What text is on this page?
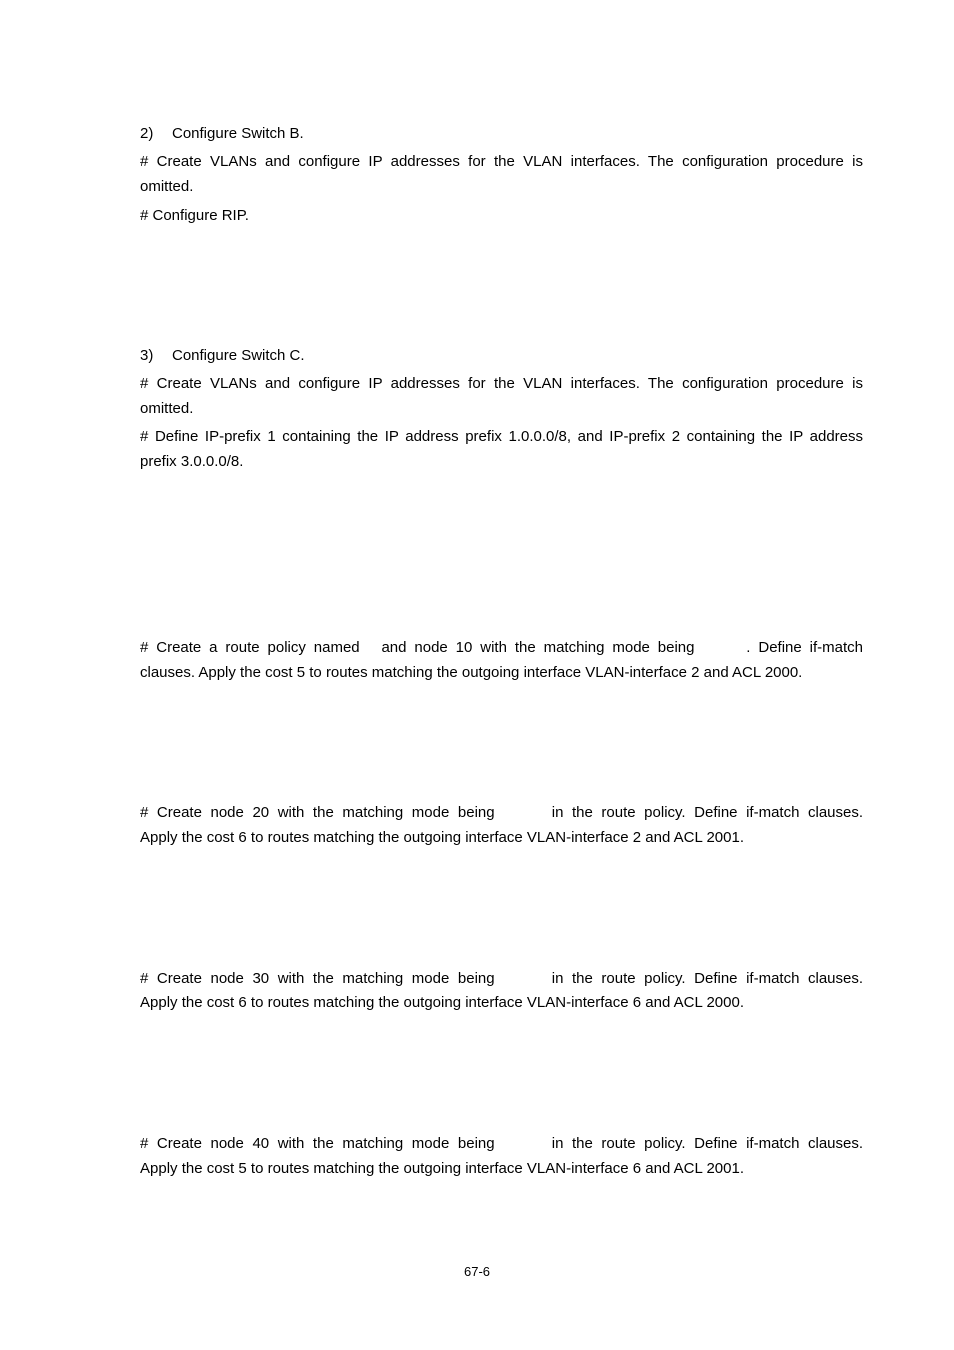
2) Configure Switch B.
# Create VLANs and configure IP addresses for the VLAN interfaces. The configuration procedure is
omitted.
# Configure RIP.
3) Configure Switch C.
# Create VLANs and configure IP addresses for the VLAN interfaces. The configuration procedure is
omitted.
# Define IP-prefix 1 containing the IP address prefix 1.0.0.0/8, and IP-prefix 2 containing the IP address
prefix 3.0.0.0/8.
# Create a route policy named and node 10 with the matching mode being	. Define if-match
clauses. Apply the cost 5 to routes matching the outgoing interface VLAN-interface 2 and ACL 2000.
# Create node 20 with the matching mode being	in the route policy. Define if-match clauses.
Apply the cost 6 to routes matching the outgoing interface VLAN-interface 2 and ACL 2001.
# Create node 30 with the matching mode being	in the route policy. Define if-match clauses.
Apply the cost 6 to routes matching the outgoing interface VLAN-interface 6 and ACL 2000.
# Create node 40 with the matching mode being	in the route policy. Define if-match clauses.
Apply the cost 5 to routes matching the outgoing interface VLAN-interface 6 and ACL 2001.
67-6
